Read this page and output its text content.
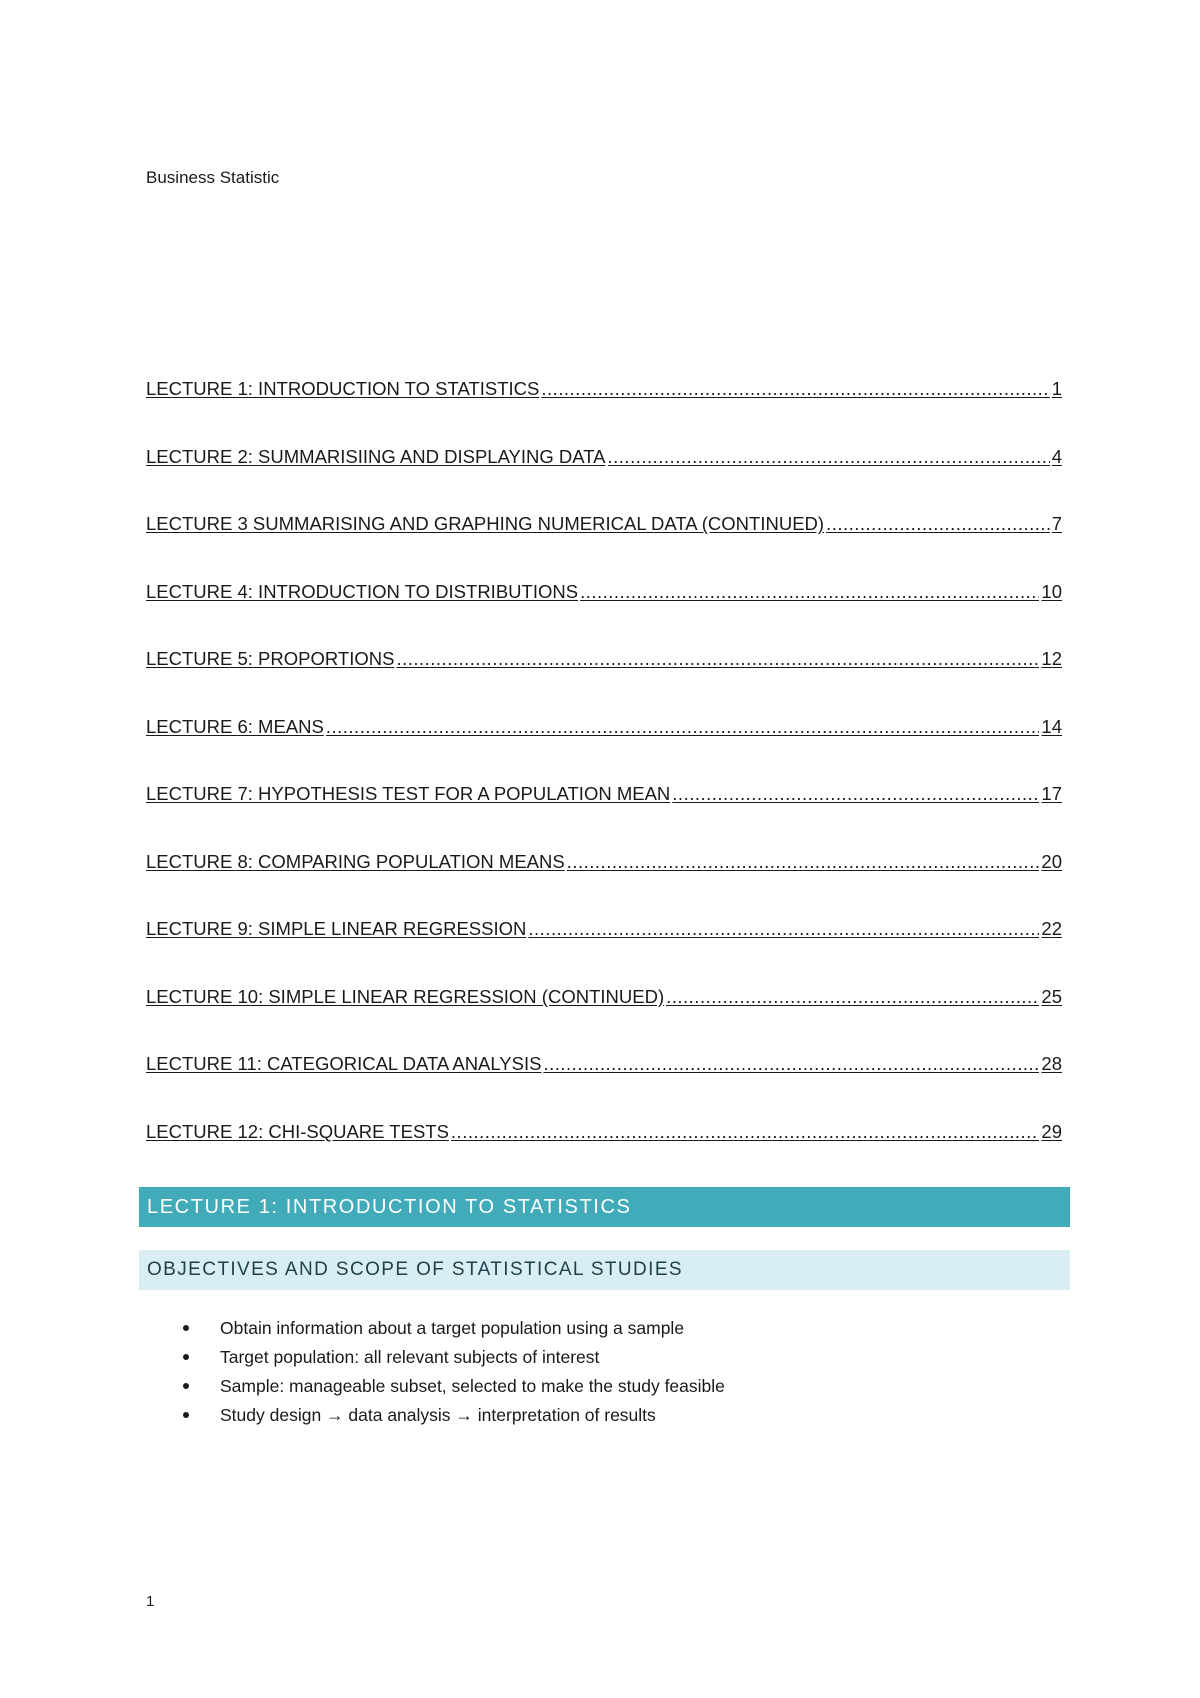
Business Statistic
LECTURE 1: INTRODUCTION TO STATISTICS .....	1
LECTURE 2: SUMMARISIING AND DISPLAYING DATA .....	4
LECTURE 3 SUMMARISING AND GRAPHING NUMERICAL DATA (CONTINUED) .....	7
LECTURE 4: INTRODUCTION TO DISTRIBUTIONS .....	10
LECTURE 5: PROPORTIONS .....	12
LECTURE 6: MEANS .....	14
LECTURE 7: HYPOTHESIS TEST FOR A POPULATION MEAN .....	17
LECTURE 8: COMPARING POPULATION MEANS .....	20
LECTURE 9: SIMPLE LINEAR REGRESSION .....	22
LECTURE 10: SIMPLE LINEAR REGRESSION (CONTINUED) .....	25
LECTURE 11: CATEGORICAL DATA ANALYSIS .....	28
LECTURE 12: CHI-SQUARE TESTS .....	29
LECTURE 1: INTRODUCTION TO STATISTICS
OBJECTIVES AND SCOPE OF STATISTICAL STUDIES
Obtain information about a target population using a sample
Target population: all relevant subjects of interest
Sample: manageable subset, selected to make the study feasible
Study design → data analysis → interpretation of results
1
